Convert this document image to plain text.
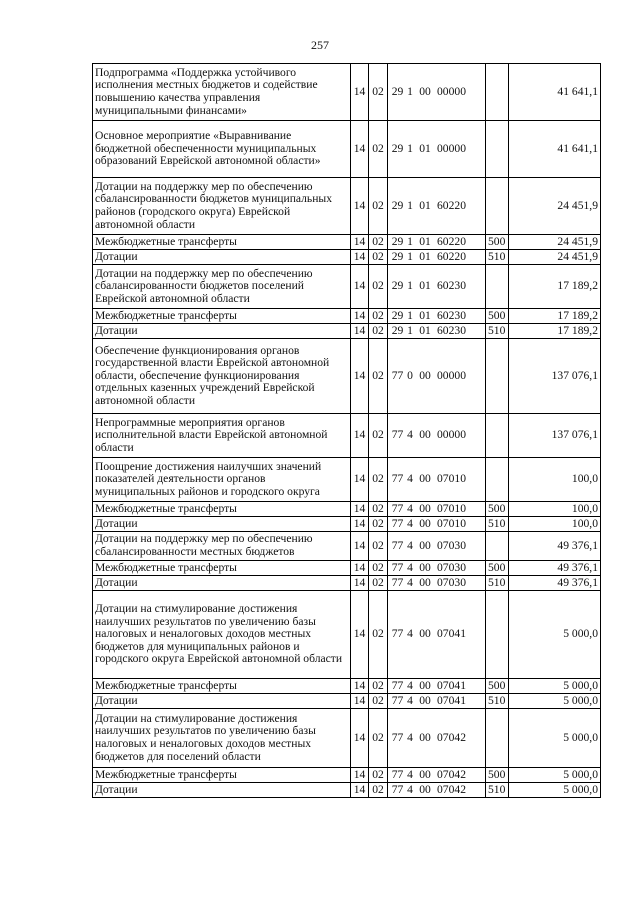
257
Подпрограмма «Поддержка устойчивого исполнения местных бюджетов и содействие повышению качества управления муниципальными финансами»	14	02	29 1 00 00000		41 641,1
Основное мероприятие «Выравнивание бюджетной обеспеченности муниципальных образований Еврейской автономной области»	14	02	29 1 01 00000		41 641,1
Дотации на поддержку мер по обеспечению сбалансированности бюджетов муниципальных районов (городского округа) Еврейской автономной области	14	02	29 1 01 60220		24 451,9
Межбюджетные трансферты	14	02	29 1 01 60220	500	24 451,9
Дотации	14	02	29 1 01 60220	510	24 451,9
Дотации на поддержку мер по обеспечению сбалансированности бюджетов поселений Еврейской автономной области	14	02	29 1 01 60230		17 189,2
Межбюджетные трансферты	14	02	29 1 01 60230	500	17 189,2
Дотации	14	02	29 1 01 60230	510	17 189,2
Обеспечение функционирования органов государственной власти Еврейской автономной области, обеспечение функционирования отдельных казенных учреждений Еврейской автономной области	14	02	77 0 00 00000		137 076,1
Непрограммные мероприятия органов исполнительной власти Еврейской автономной области	14	02	77 4 00 00000		137 076,1
Поощрение достижения наилучших значений показателей деятельности органов муниципальных районов и городского округа	14	02	77 4 00 07010		100,0
Межбюджетные трансферты	14	02	77 4 00 07010	500	100,0
Дотации	14	02	77 4 00 07010	510	100,0
Дотации на поддержку мер по обеспечению сбалансированности местных бюджетов	14	02	77 4 00 07030		49 376,1
Межбюджетные трансферты	14	02	77 4 00 07030	500	49 376,1
Дотации	14	02	77 4 00 07030	510	49 376,1
Дотации на стимулирование достижения наилучших результатов по увеличению базы налоговых и неналоговых доходов местных бюджетов для муниципальных районов и городского округа Еврейской автономной области	14	02	77 4 00 07041		5 000,0
Межбюджетные трансферты	14	02	77 4 00 07041	500	5 000,0
Дотации	14	02	77 4 00 07041	510	5 000,0
Дотации на стимулирование достижения наилучших результатов по увеличению базы налоговых и неналоговых доходов местных бюджетов для поселений области	14	02	77 4 00 07042		5 000,0
Межбюджетные трансферты	14	02	77 4 00 07042	500	5 000,0
Дотации	14	02	77 4 00 07042	510	5 000,0
